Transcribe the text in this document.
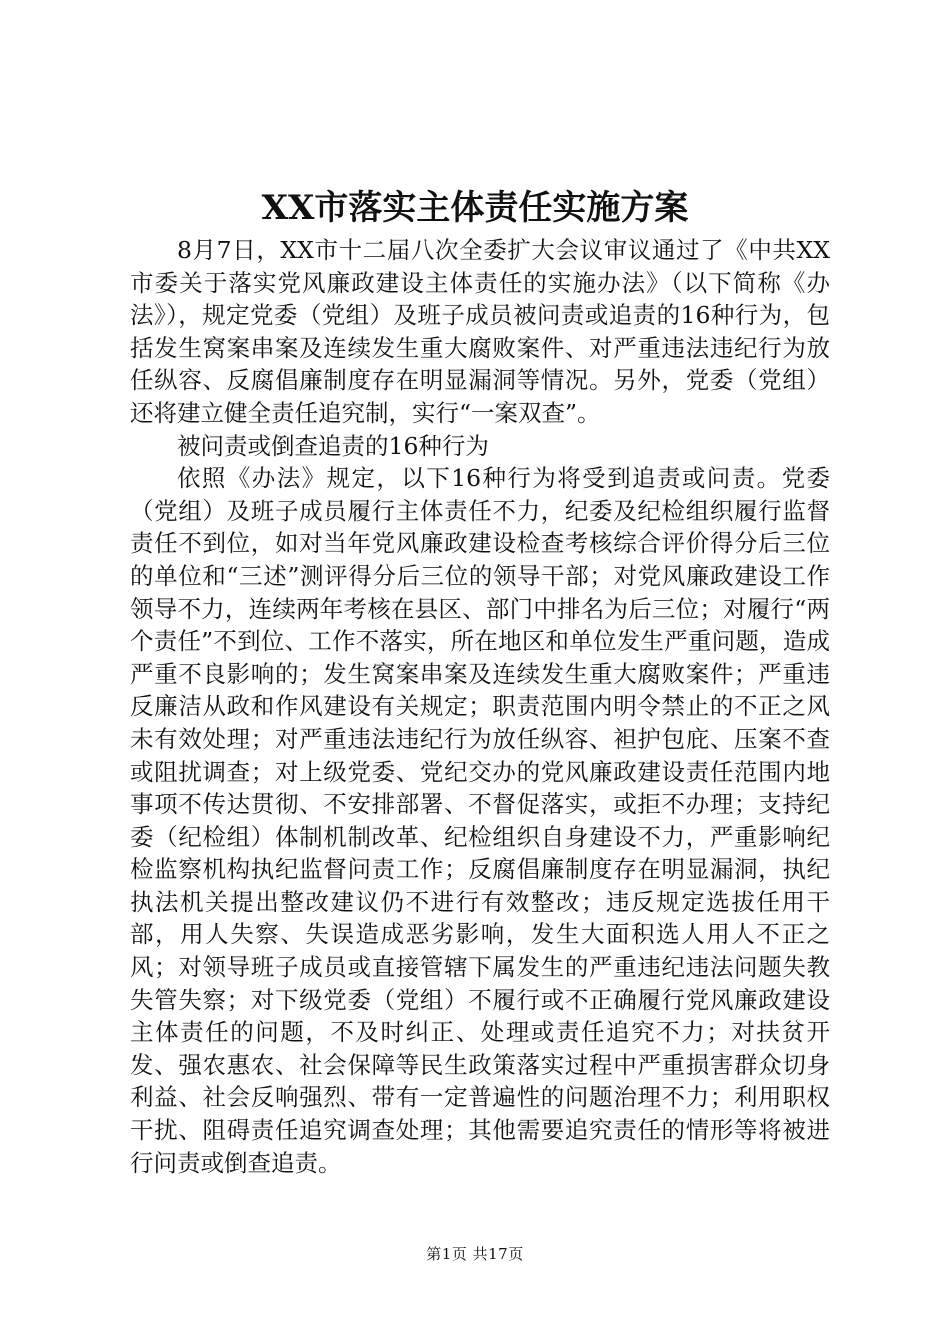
XX市落实主体责任实施方案

8月7日，XX市十二届八次全委扩大会议审议通过了《中共XX市委关于落实党风廉政建设主体责任的实施办法》（以下简称《办法》），规定党委（党组）及班子成员被问责或追责的16种行为，包括发生窝案串案及连续发生重大腐败案件、对严重违法违纪行为放任纵容、反腐倡廉制度存在明显漏洞等情况。另外，党委（党组）还将建立健全责任追究制，实行“一案双查”。

被问责或倒查追责的16种行为

依照《办法》规定，以下16种行为将受到追责或问责。党委（党组）及班子成员履行主体责任不力，纪委及纪检组织履行监督责任不到位，如对当年党风廉政建设检查考核综合评价得分后三位的单位和“三述”测评得分后三位的领导干部；对党风廉政建设工作领导不力，连续两年考核在县区、部门中排名为后三位；对履行“两个责任”不到位、工作不落实，所在地区和单位发生严重问题，造成严重不良影响的；发生窝案串案及连续发生重大腐败案件；严重违反廉洁从政和作风建设有关规定；职责范围内明令禁止的不正之风未有效处理；对严重违法违纪行为放任纵容、袒护包庇、压案不查或阻扰调查；对上级党委、党纪交办的党风廉政建设责任范围内地事项不传达贯彻、不安排部署、不督促落实，或拒不办理；支持纪委（纪检组）体制机制改革、纪检组织自身建设不力，严重影响纪检监察机构执纪监督问责工作；反腐倡廉制度存在明显漏洞，执纪执法机关提出整改建议仍不进行有效整改；违反规定选拔任用干部，用人失察、失误造成恶劣影响，发生大面积选人用人不正之风；对领导班子成员或直接管辖下属发生的严重违纪违法问题失教失管失察；对下级党委（党组）不履行或不正确履行党风廉政建设主体责任的问题，不及时纠正、处理或责任追究不力；对扶贫开发、强农惠农、社会保障等民生政策落实过程中严重损害群众切身利益、社会反响强烈、带有一定普遍性的问题治理不力；利用职权干扰、阻碍责任追究调查处理；其他需要追究责任的情形等将被进行问责或倒查追责。

第1页 共17页
